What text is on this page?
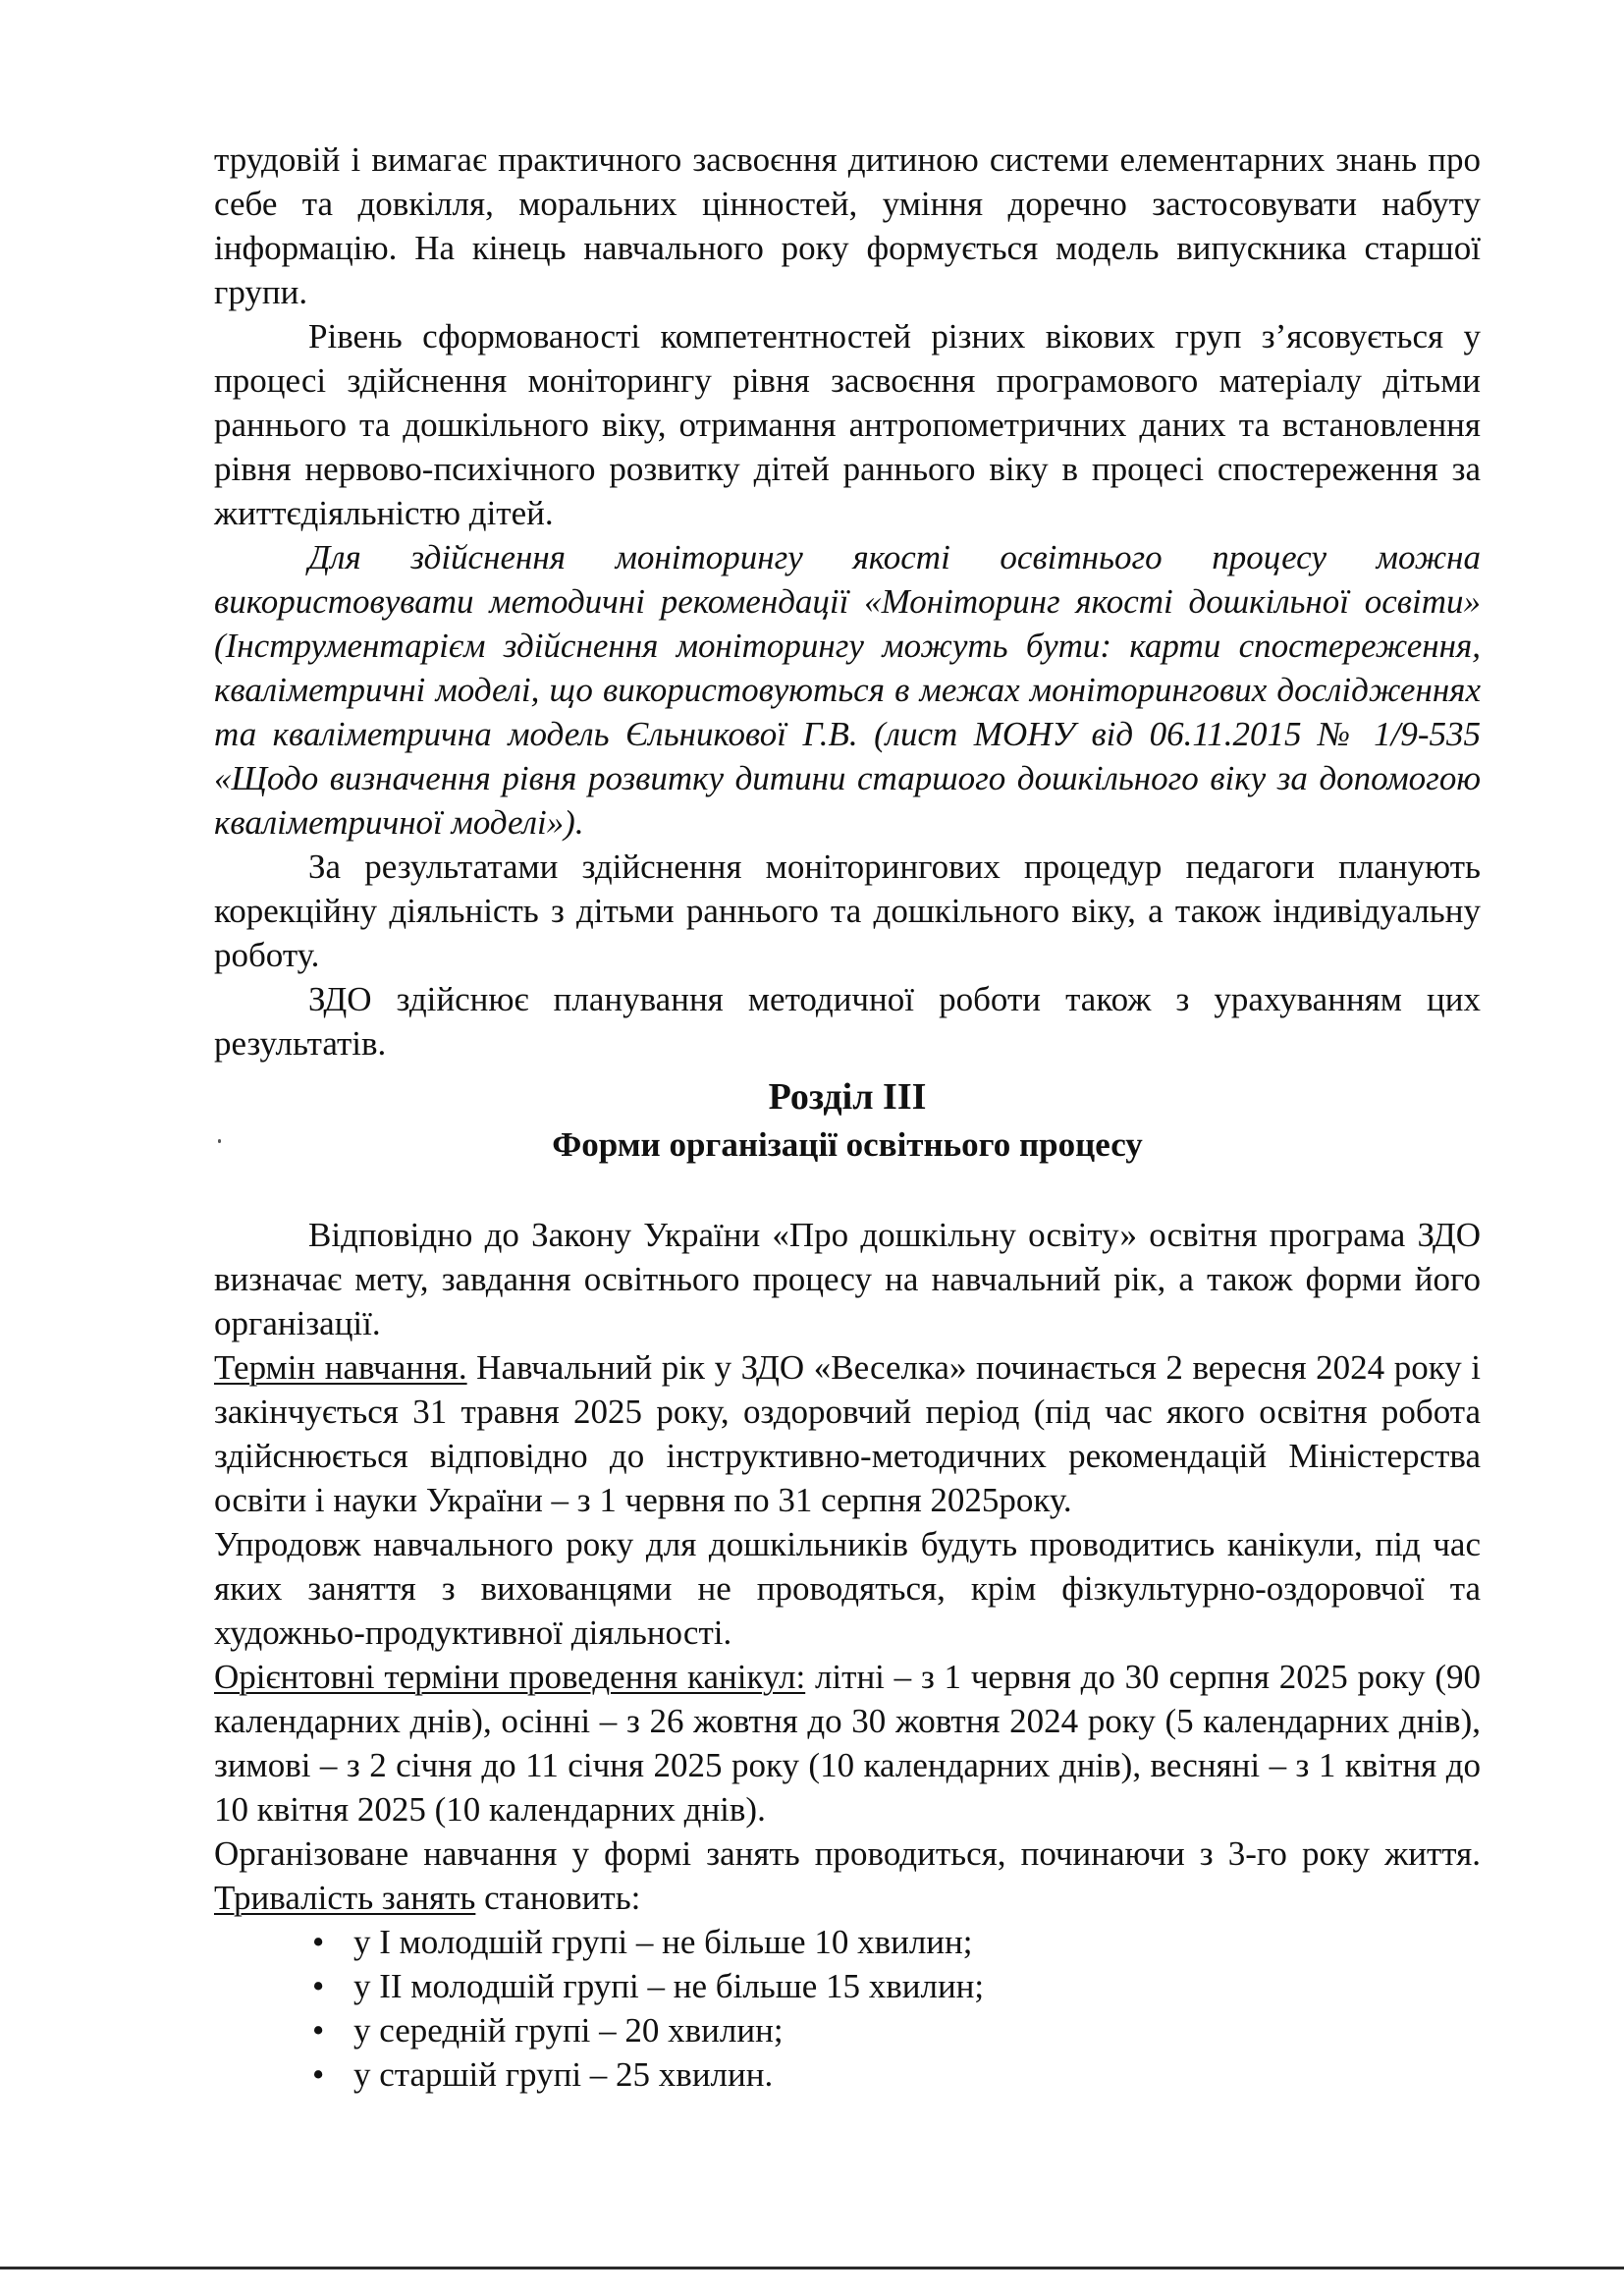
трудовій і вимагає практичного засвоєння дитиною системи елементарних знань про себе та довкілля, моральних цінностей, уміння доречно застосовувати набуту інформацію. На кінець навчального року формується модель випускника старшої групи.

Рівень сформованості компетентностей різних вікових груп з’ясовується у процесі здійснення моніторингу рівня засвоєння програмового матеріалу дітьми раннього та дошкільного віку, отримання антропометричних даних та встановлення рівня нервово-психічного розвитку дітей раннього віку в процесі спостереження за життєдіяльністю дітей.

Для здійснення моніторингу якості освітнього процесу можна використовувати методичні рекомендації «Моніторинг якості дошкільної освіти» (Інструментарієм здійснення моніторингу можуть бути: карти спостереження, кваліметричні моделі, що використовуються в межах моніторингових дослідженнях та кваліметрична модель Єльникової Г.В. (лист МОНУ від 06.11.2015 № 1/9-535 «Щодо визначення рівня розвитку дитини старшого дошкільного віку за допомогою кваліметричної моделі»).

За результатами здійснення моніторингових процедур педагоги планують корекційну діяльність з дітьми раннього та дошкільного віку, а також індивідуальну роботу.

ЗДО здійснює планування методичної роботи також з урахуванням цих результатів.

Розділ ІІІ
Форми організації освітнього процесу

Відповідно до Закону України «Про дошкільну освіту» освітня програма ЗДО визначає мету, завдання освітнього процесу на навчальний рік, а також форми його організації.

Термін навчання. Навчальний рік у ЗДО «Веселка» починається 2 вересня 2024 року і закінчується 31 травня 2025 року, оздоровчий період (під час якого освітня робота здійснюється відповідно до інструктивно-методичних рекомендацій Міністерства освіти і науки України – з 1 червня по 31 серпня 2025року.

Упродовж навчального року для дошкільників будуть проводитись канікули, під час яких заняття з вихованцями не проводяться, крім фізкультурно-оздоровчої та художньо-продуктивної діяльності.

Орієнтовні терміни проведення канікул: літні – з 1 червня до 30 серпня 2025 року (90 календарних днів), осінні – з 26 жовтня до 30 жовтня 2024 року (5 календарних днів), зимові – з 2 січня до 11 січня 2025 року (10 календарних днів), весняні – з 1 квітня до 10 квітня 2025 (10 календарних днів).

Організоване навчання у формі занять проводиться, починаючи з 3-го року життя. Тривалість занять становить:

• у І молодшій групі – не більше 10 хвилин;
• у ІІ молодшій групі – не більше 15 хвилин;
• у середній групі – 20 хвилин;
• у старшій групі – 25 хвилин.
